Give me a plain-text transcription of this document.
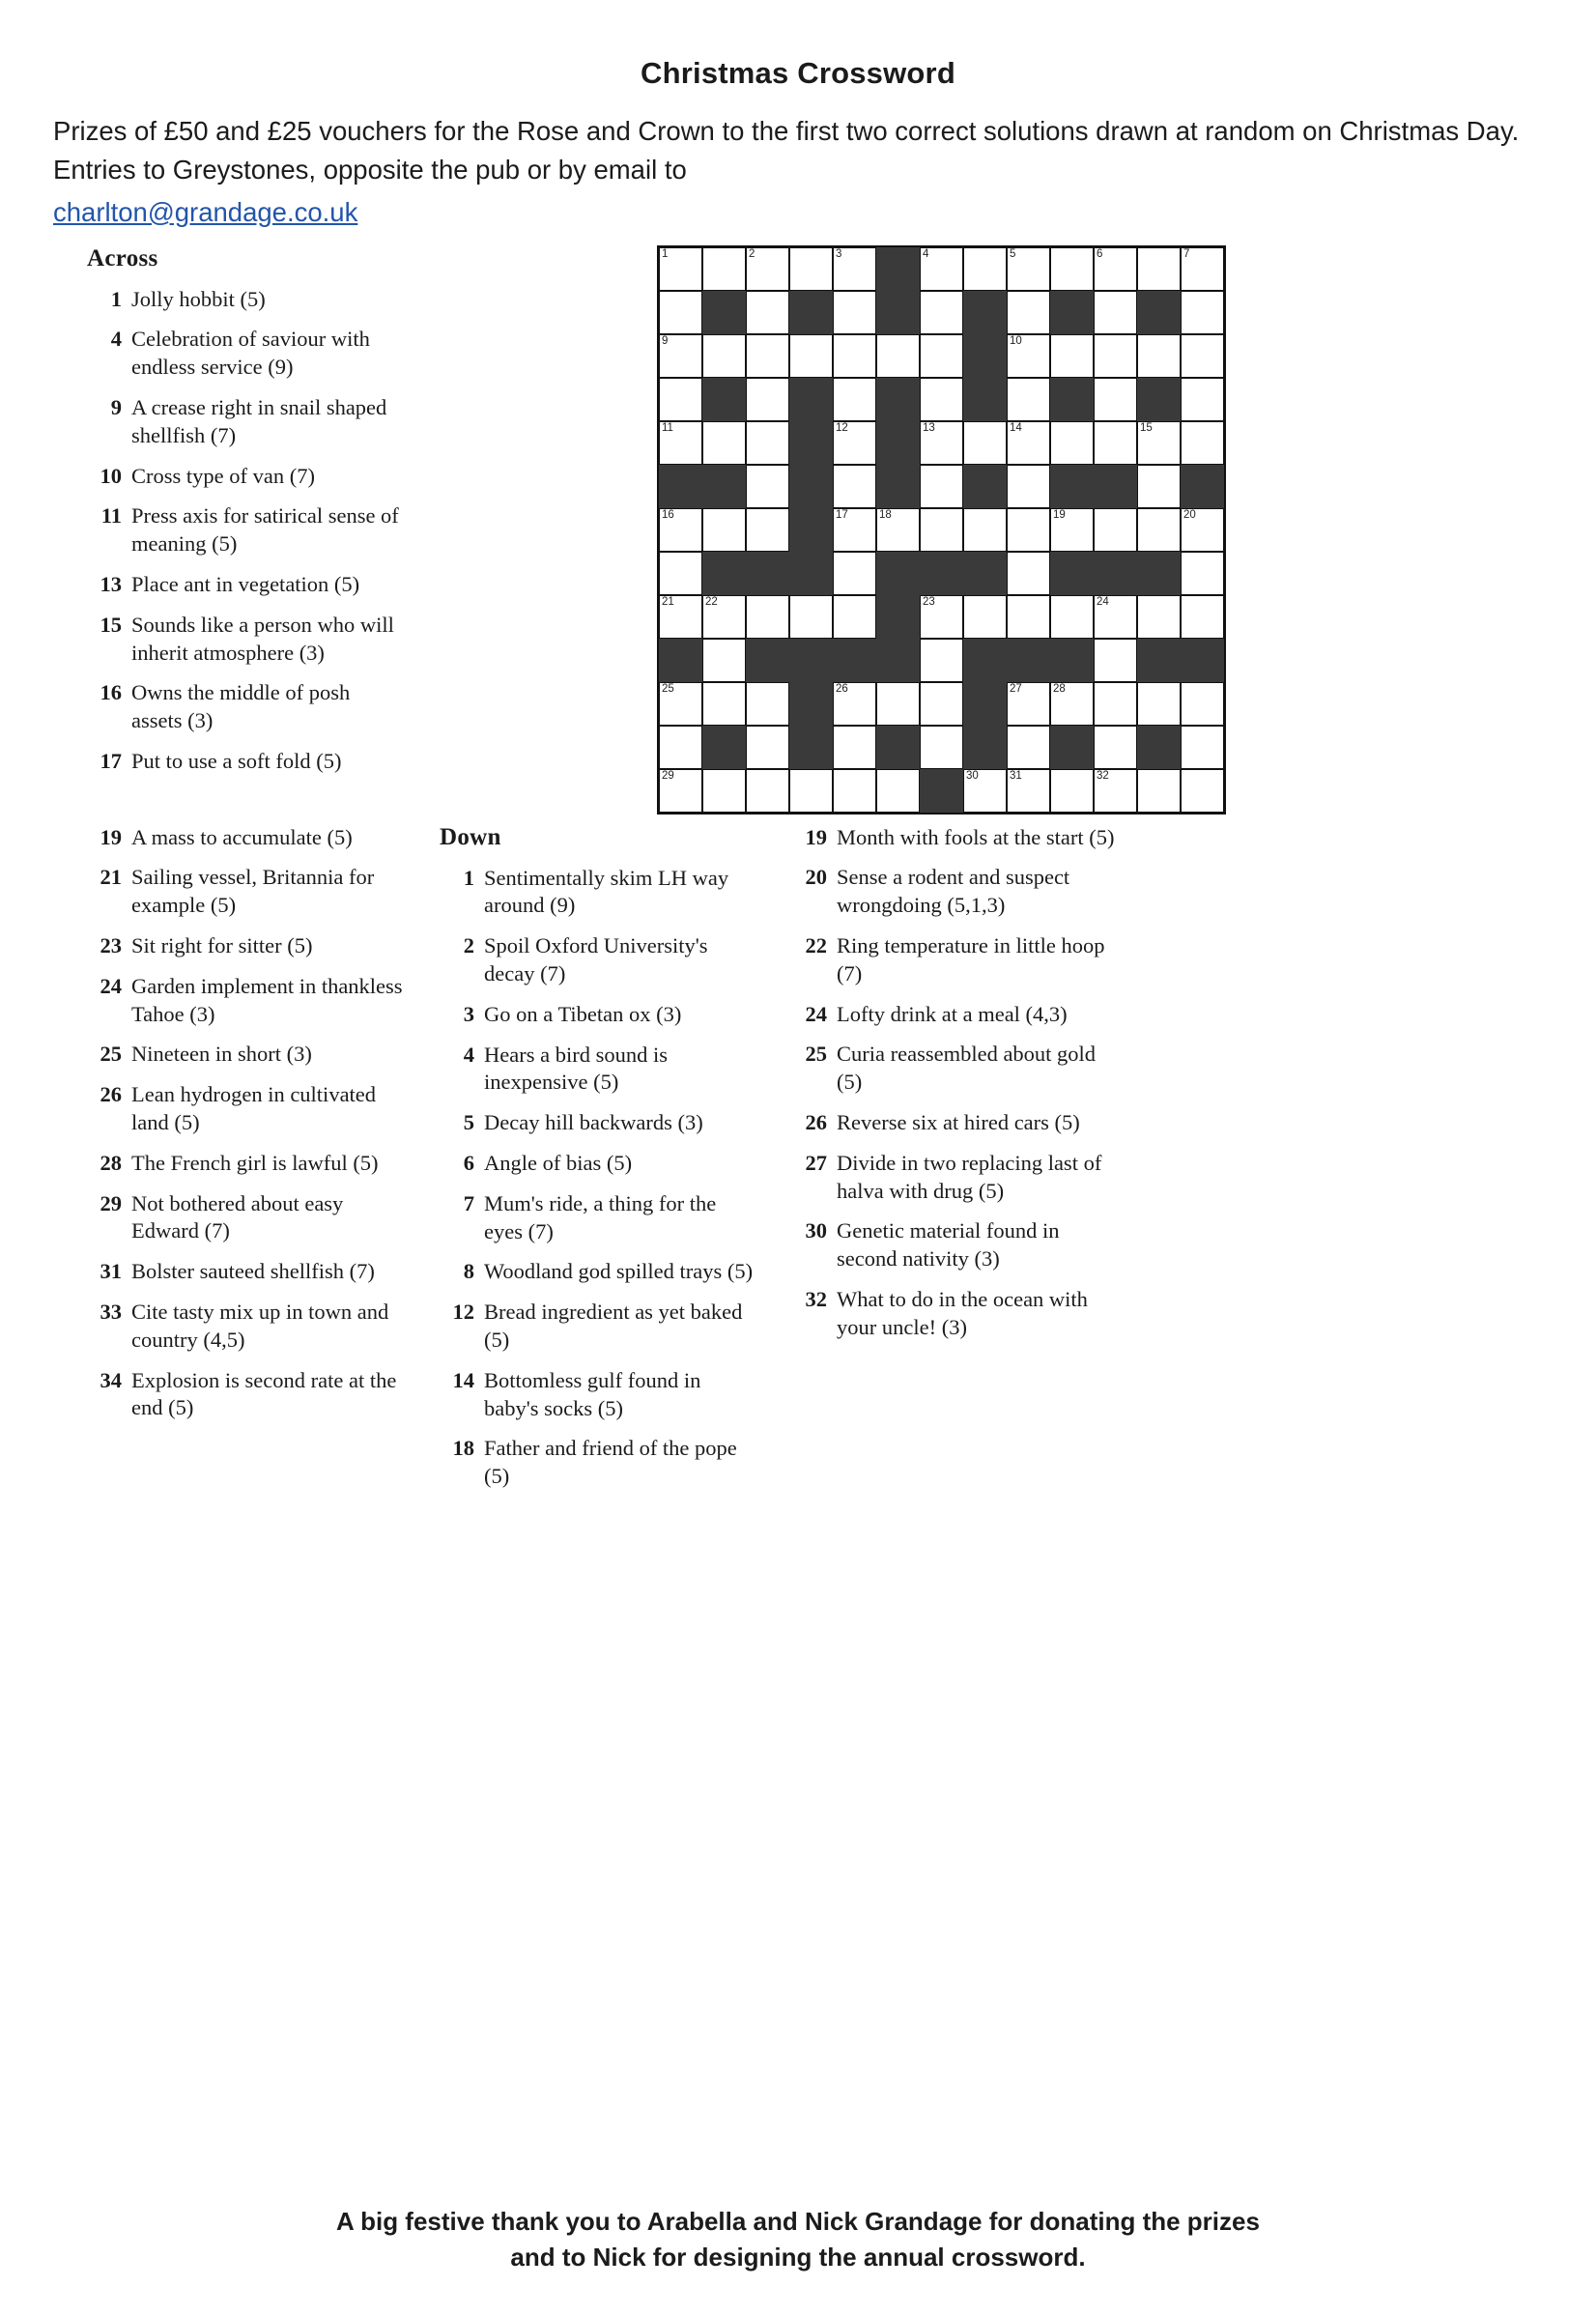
Christmas Crossword

Prizes of £50 and £25 vouchers for the Rose and Crown to the first two correct solutions drawn at random on Christmas Day. Entries to Greystones, opposite the pub or by email to
charlton@grandage.co.uk

Across
1 Jolly hobbit (5)
4 Celebration of saviour with endless service (9)
9 A crease right in snail shaped shellfish (7)
10 Cross type of van (7)
11 Press axis for satirical sense of meaning (5)
13 Place ant in vegetation (5)
15 Sounds like a person who will inherit atmosphere (3)
16 Owns the middle of posh assets (3)
17 Put to use a soft fold (5)
1	2	3	4	5	6	7
9	10
11	12	13	14	15
16	17	18	19	20
21	22	23	24
25	26	27	28
29	30	31	32
19 A mass to accumulate (5)
21 Sailing vessel, Britannia for example (5)
23 Sit right for sitter (5)
24 Garden implement in thankless Tahoe (3)
25 Nineteen in short (3)
26 Lean hydrogen in cultivated land (5)
28 The French girl is lawful (5)
29 Not bothered about easy Edward (7)
31 Bolster sauteed shellfish (7)
33 Cite tasty mix up in town and country (4,5)
34 Explosion is second rate at the end (5)
Down
1 Sentimentally skim LH way around (9)
2 Spoil Oxford University's decay (7)
3 Go on a Tibetan ox (3)
4 Hears a bird sound is inexpensive (5)
5 Decay hill backwards (3)
6 Angle of bias (5)
7 Mum's ride, a thing for the eyes (7)
8 Woodland god spilled trays (5)
12 Bread ingredient as yet baked (5)
14 Bottomless gulf found in baby's socks (5)
18 Father and friend of the pope (5)
19 Month with fools at the start (5)
20 Sense a rodent and suspect wrongdoing (5,1,3)
22 Ring temperature in little hoop (7)
24 Lofty drink at a meal (4,3)
25 Curia reassembled about gold (5)
26 Reverse six at hired cars (5)
27 Divide in two replacing last of halva with drug (5)
30 Genetic material found in second nativity (3)
32 What to do in the ocean with your uncle! (3)
A big festive thank you to Arabella and Nick Grandage for donating the prizes
and to Nick for designing the annual crossword.
